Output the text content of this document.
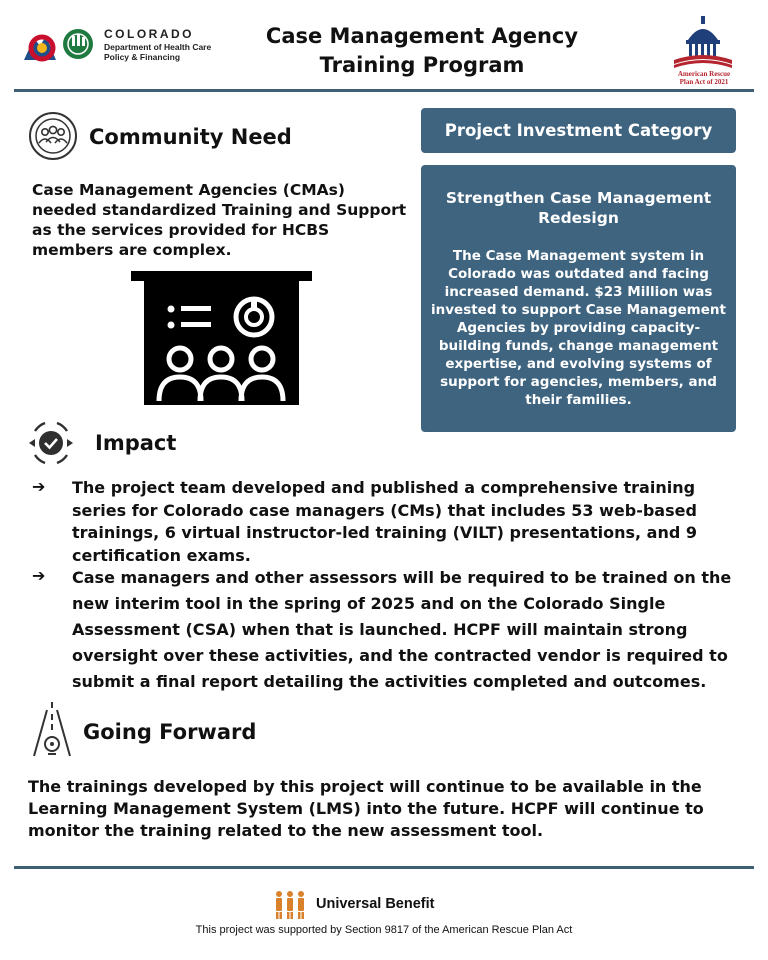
COLORADO
Department of Health Care
Policy & Financing
Case Management Agency Training Program	American Rescue
Plan Act of 2021
Community Need
Case Management Agencies (CMAs) needed standardized Training and Support as the services provided for HCBS members are complex.
Project Investment Category
Strengthen Case Management Redesign
The Case Management system in Colorado was outdated and facing increased demand. $23 Million was invested to support Case Management Agencies by providing capacity-building funds, change management expertise, and evolving systems of support for agencies, members, and their families.
Impact
➔ The project team developed and published a comprehensive training series for Colorado case managers (CMs) that includes 53 web-based trainings, 6 virtual instructor-led training (VILT) presentations, and 9 certification exams.
➔ Case managers and other assessors will be required to be trained on the new interim tool in the spring of 2025 and on the Colorado Single Assessment (CSA) when that is launched. HCPF will maintain strong oversight over these activities, and the contracted vendor is required to submit a final report detailing the activities completed and outcomes.
Going Forward
The trainings developed by this project will continue to be available in the Learning Management System (LMS) into the future. HCPF will continue to monitor the training related to the new assessment tool.
Universal Benefit
This project was supported by Section 9817 of the American Rescue Plan Act
